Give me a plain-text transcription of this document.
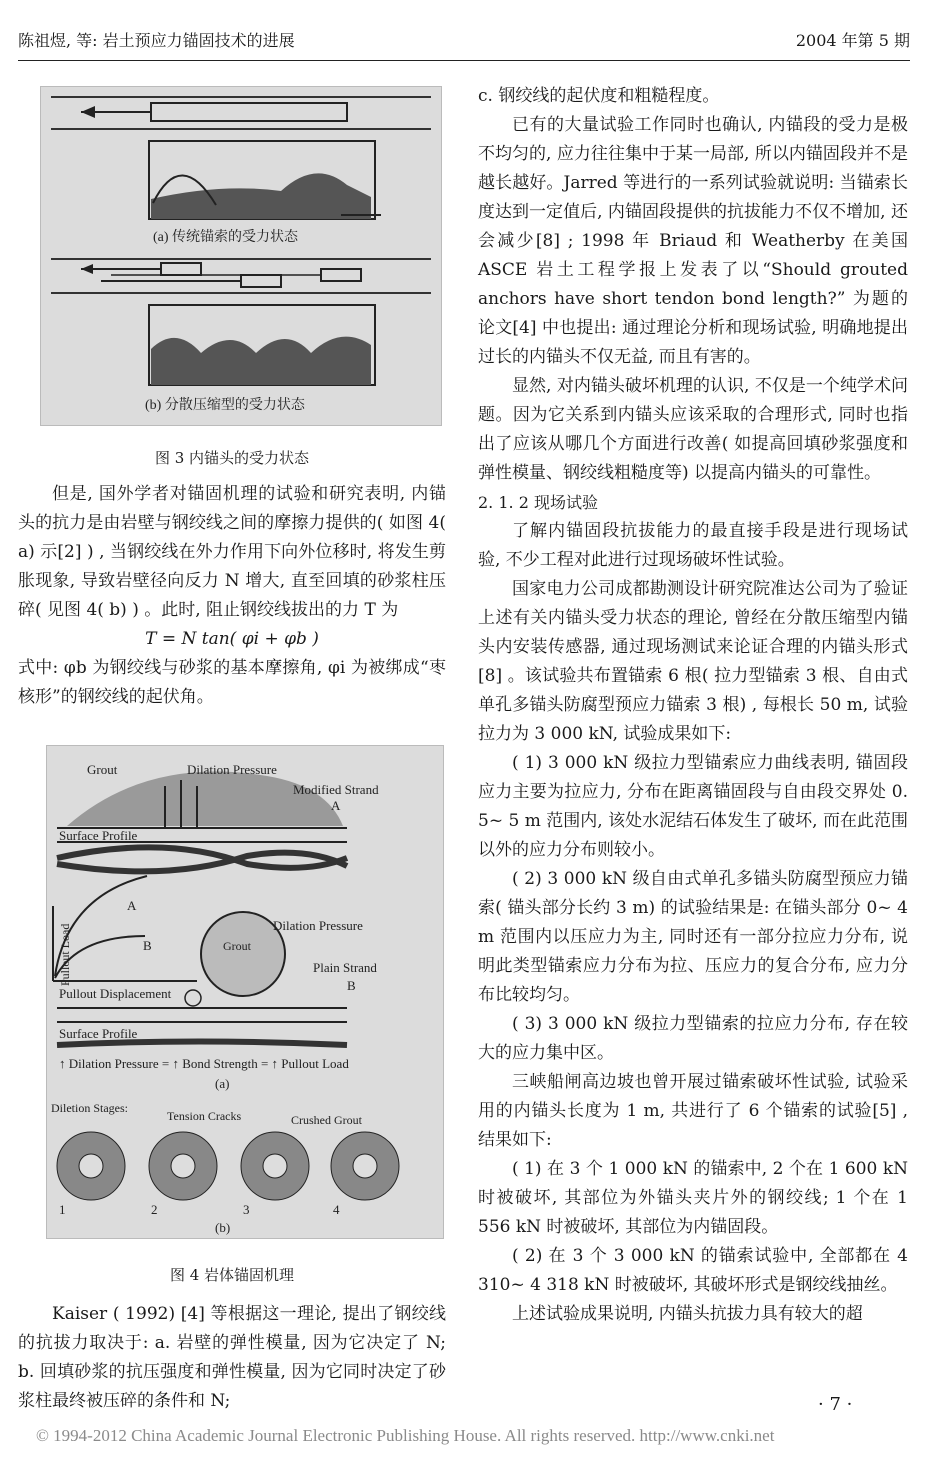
陈祖煜, 等: 岩土预应力锚固技术的进展	2004 年第 5 期
(a) 传统锚索的受力状态
(b) 分散压缩型的受力状态
图 3 内锚头的受力状态

但是, 国外学者对锚固机理的试验和研究表明, 内锚头的抗力是由岩壁与钢绞线之间的摩擦力提供的( 如图 4( a) 示[2] ) , 当钢绞线在外力作用下向外位移时, 将发生剪胀现象, 导致岩壁径向反力 N 增大, 直至回填的砂浆柱压碎( 见图 4( b) ) 。此时, 阻止钢绞线拔出的力 T 为

T = N tan( φi + φb )

式中: φb 为钢绞线与砂浆的基本摩擦角, φi 为被绑成“枣核形”的钢绞线的起伏角。

Grout	Dilation Pressure
Modified Strand
A
Surface Profile
Pullout Load
A
B
Pullout Displacement
Grout
Dilation Pressure
Plain Strand
B
Surface Profile
↑ Dilation Pressure = ↑ Bond Strength = ↑ Pullout Load
(a)
Diletion Stages:
Tension Cracks	Crushed Grout
1	2	3	4
(b)
图 4 岩体锚固机理

Kaiser ( 1992) [4] 等根据这一理论, 提出了钢绞线的抗拔力取决于: a. 岩壁的弹性模量, 因为它决定了 N; b. 回填砂浆的抗压强度和弹性模量, 因为它同时决定了砂浆柱最终被压碎的条件和 N;

c. 钢绞线的起伏度和粗糙程度。

已有的大量试验工作同时也确认, 内锚段的受力是极不均匀的, 应力往往集中于某一局部, 所以内锚固段并不是越长越好。Jarred 等进行的一系列试验就说明: 当锚索长度达到一定值后, 内锚固段提供的抗拔能力不仅不增加, 还会减少[8] ; 1998 年 Briaud 和 Weatherby 在美国 ASCE 岩土工程学报上发表了以“Should grouted anchors have short tendon bond length?” 为题的论文[4] 中也提出: 通过理论分析和现场试验, 明确地提出过长的内锚头不仅无益, 而且有害的。

显然, 对内锚头破坏机理的认识, 不仅是一个纯学术问题。因为它关系到内锚头应该采取的合理形式, 同时也指出了应该从哪几个方面进行改善( 如提高回填砂浆强度和弹性模量、钢绞线粗糙度等) 以提高内锚头的可靠性。

2. 1. 2 现场试验

了解内锚固段抗拔能力的最直接手段是进行现场试验, 不少工程对此进行过现场破坏性试验。

国家电力公司成都勘测设计研究院准达公司为了验证上述有关内锚头受力状态的理论, 曾经在分散压缩型内锚头内安装传感器, 通过现场测试来论证合理的内锚头形式[8] 。该试验共布置锚索 6 根( 拉力型锚索 3 根、自由式单孔多锚头防腐型预应力锚索 3 根) , 每根长 50 m, 试验拉力为 3 000 kN, 试验成果如下:

( 1) 3 000 kN 级拉力型锚索应力曲线表明, 锚固段应力主要为拉应力, 分布在距离锚固段与自由段交界处 0. 5~ 5 m 范围内, 该处水泥结石体发生了破坏, 而在此范围以外的应力分布则较小。

( 2) 3 000 kN 级自由式单孔多锚头防腐型预应力锚索( 锚头部分长约 3 m) 的试验结果是: 在锚头部分 0~ 4 m 范围内以压应力为主, 同时还有一部分拉应力分布, 说明此类型锚索应力分布为拉、压应力的复合分布, 应力分布比较均匀。

( 3) 3 000 kN 级拉力型锚索的拉应力分布, 存在较大的应力集中区。

三峡船闸高边坡也曾开展过锚索破坏性试验, 试验采用的内锚头长度为 1 m, 共进行了 6 个锚索的试验[5] , 结果如下:

( 1) 在 3 个 1 000 kN 的锚索中, 2 个在 1 600 kN 时被破坏, 其部位为外锚头夹片外的钢绞线; 1 个在 1 556 kN 时被破坏, 其部位为内锚固段。

( 2) 在 3 个 3 000 kN 的锚索试验中, 全部都在 4 310~ 4 318 kN 时被破坏, 其破坏形式是钢绞线抽丝。

上述试验成果说明, 内锚头抗拔力具有较大的超

· 7 ·
© 1994-2012 China Academic Journal Electronic Publishing House. All rights reserved. http://www.cnki.net
